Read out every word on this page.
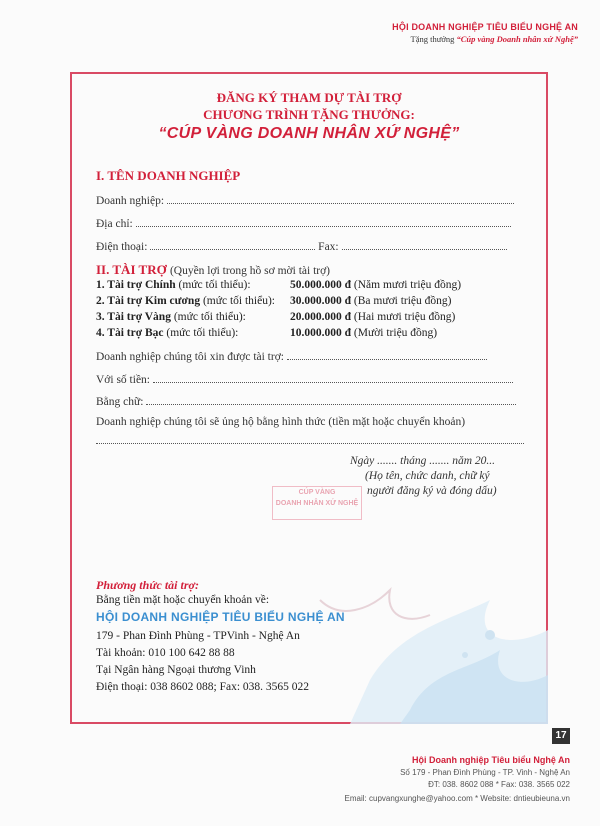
HỘI DOANH NGHIỆP TIÊU BIỂU NGHỆ AN
Tặng thưởng “Cúp vàng Doanh nhân xứ Nghệ”
ĐĂNG KÝ THAM DỰ TÀI TRỢ
CHƯƠNG TRÌNH TẶNG THƯỞNG:
“CÚP VÀNG DOANH NHÂN XỨ NGHỆ”
I. TÊN DOANH NGHIỆP
Doanh nghiệp:
Địa chỉ:
Điện thoại:	Fax:
II. TÀI TRỢ (Quyền lợi trong hồ sơ mời tài trợ)
1. Tài trợ Chính (mức tối thiểu):	50.000.000 đ (Năm mươi triệu đồng)
2. Tài trợ Kim cương (mức tối thiểu): 30.000.000 đ (Ba mươi triệu đồng)
3. Tài trợ Vàng (mức tối thiểu):	20.000.000 đ (Hai mươi triệu đồng)
4. Tài trợ Bạc (mức tối thiểu):	10.000.000 đ (Mười triệu đồng)
Doanh nghiệp chúng tôi xin được tài trợ:
Với số tiền:
Bằng chữ:
Doanh nghiệp chúng tôi sẽ ủng hộ bằng hình thức (tiền mặt hoặc chuyển khoản)
Ngày ....... tháng ....... năm 20...
(Họ tên, chức danh, chữ ký
người đăng ký và đóng dấu)
CÚP VÀNG
DOANH NHÂN XỨ NGHỆ
Phương thức tài trợ:
Bằng tiền mặt hoặc chuyển khoản về:
HỘI DOANH NGHIỆP TIÊU BIỂU NGHỆ AN
179 - Phan Đình Phùng - TPVinh - Nghệ An
Tài khoản: 010 100 642 88 88
Tại Ngân hàng Ngoại thương Vinh
Điện thoại: 038 8602 088; Fax: 038. 3565 022
17
Hội Doanh nghiệp Tiêu biểu Nghệ An
Số 179 - Phan Đình Phùng - TP. Vinh - Nghệ An
ĐT: 038. 8602 088 * Fax: 038. 3565 022
Email: cupvangxunghe@yahoo.com * Website: dntieubieuna.vn
